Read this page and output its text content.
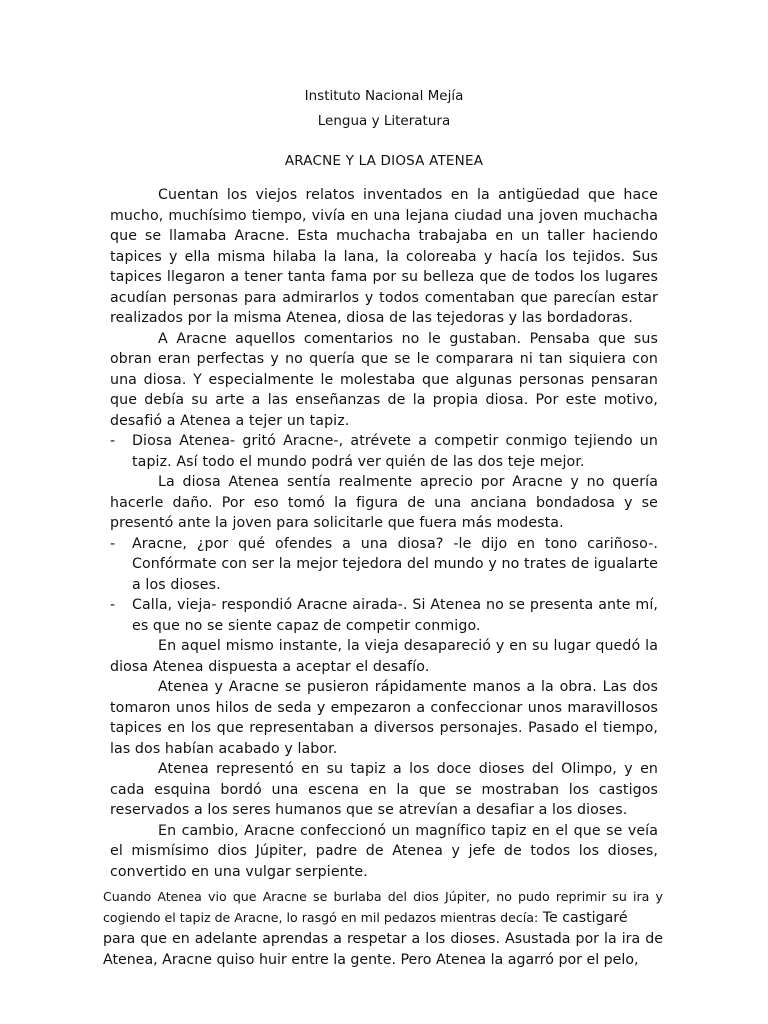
Instituto Nacional Mejía
Lengua y Literatura
ARACNE Y LA DIOSA ATENEA

Cuentan los viejos relatos inventados en la antigüedad que hace mucho, muchísimo tiempo, vivía en una lejana ciudad una joven muchacha que se llamaba Aracne. Esta muchacha trabajaba en un taller haciendo tapices y ella misma hilaba la lana, la coloreaba y hacía los tejidos. Sus tapices llegaron a tener tanta fama por su belleza que de todos los lugares acudían personas para admirarlos y todos comentaban que parecían estar realizados por la misma Atenea, diosa de las tejedoras y las bordadoras.

A Aracne aquellos comentarios no le gustaban. Pensaba que sus obran eran perfectas y no quería que se le comparara ni tan siquiera con una diosa. Y especialmente le molestaba que algunas personas pensaran que debía su arte a las enseñanzas de la propia diosa. Por este motivo, desafió a Atenea a tejer un tapiz.

- Diosa Atenea- gritó Aracne-, atrévete a competir conmigo tejiendo un tapiz. Así todo el mundo podrá ver quién de las dos teje mejor.

La diosa Atenea sentía realmente aprecio por Aracne y no quería hacerle daño. Por eso tomó la figura de una anciana bondadosa y se presentó ante la joven para solicitarle que fuera más modesta.

- Aracne, ¿por qué ofendes a una diosa? -le dijo en tono cariñoso-. Confórmate con ser la mejor tejedora del mundo y no trates de igualarte a los dioses.
- Calla, vieja- respondió Aracne airada-. Si Atenea no se presenta ante mí, es que no se siente capaz de competir conmigo.

En aquel mismo instante, la vieja desapareció y en su lugar quedó la diosa Atenea dispuesta a aceptar el desafío.

Atenea y Aracne se pusieron rápidamente manos a la obra. Las dos tomaron unos hilos de seda y empezaron a confeccionar unos maravillosos tapices en los que representaban a diversos personajes. Pasado el tiempo, las dos habían acabado y labor.

Atenea representó en su tapiz a los doce dioses del Olimpo, y en cada esquina bordó una escena en la que se mostraban los castigos reservados a los seres humanos que se atrevían a desafiar a los dioses.

En cambio, Aracne confeccionó un magnífico tapiz en el que se veía el mismísimo dios Júpiter, padre de Atenea y jefe de todos los dioses, convertido en una vulgar serpiente.

Cuando Atenea vio que Aracne se burlaba del dios Júpiter, no pudo reprimir su ira y cogiendo el tapiz de Aracne, lo rasgó en mil pedazos mientras decía: Te castigaré
para que en adelante aprendas a respetar a los dioses. Asustada por la ira de Atenea, Aracne quiso huir entre la gente. Pero Atenea la agarró por el pelo,
